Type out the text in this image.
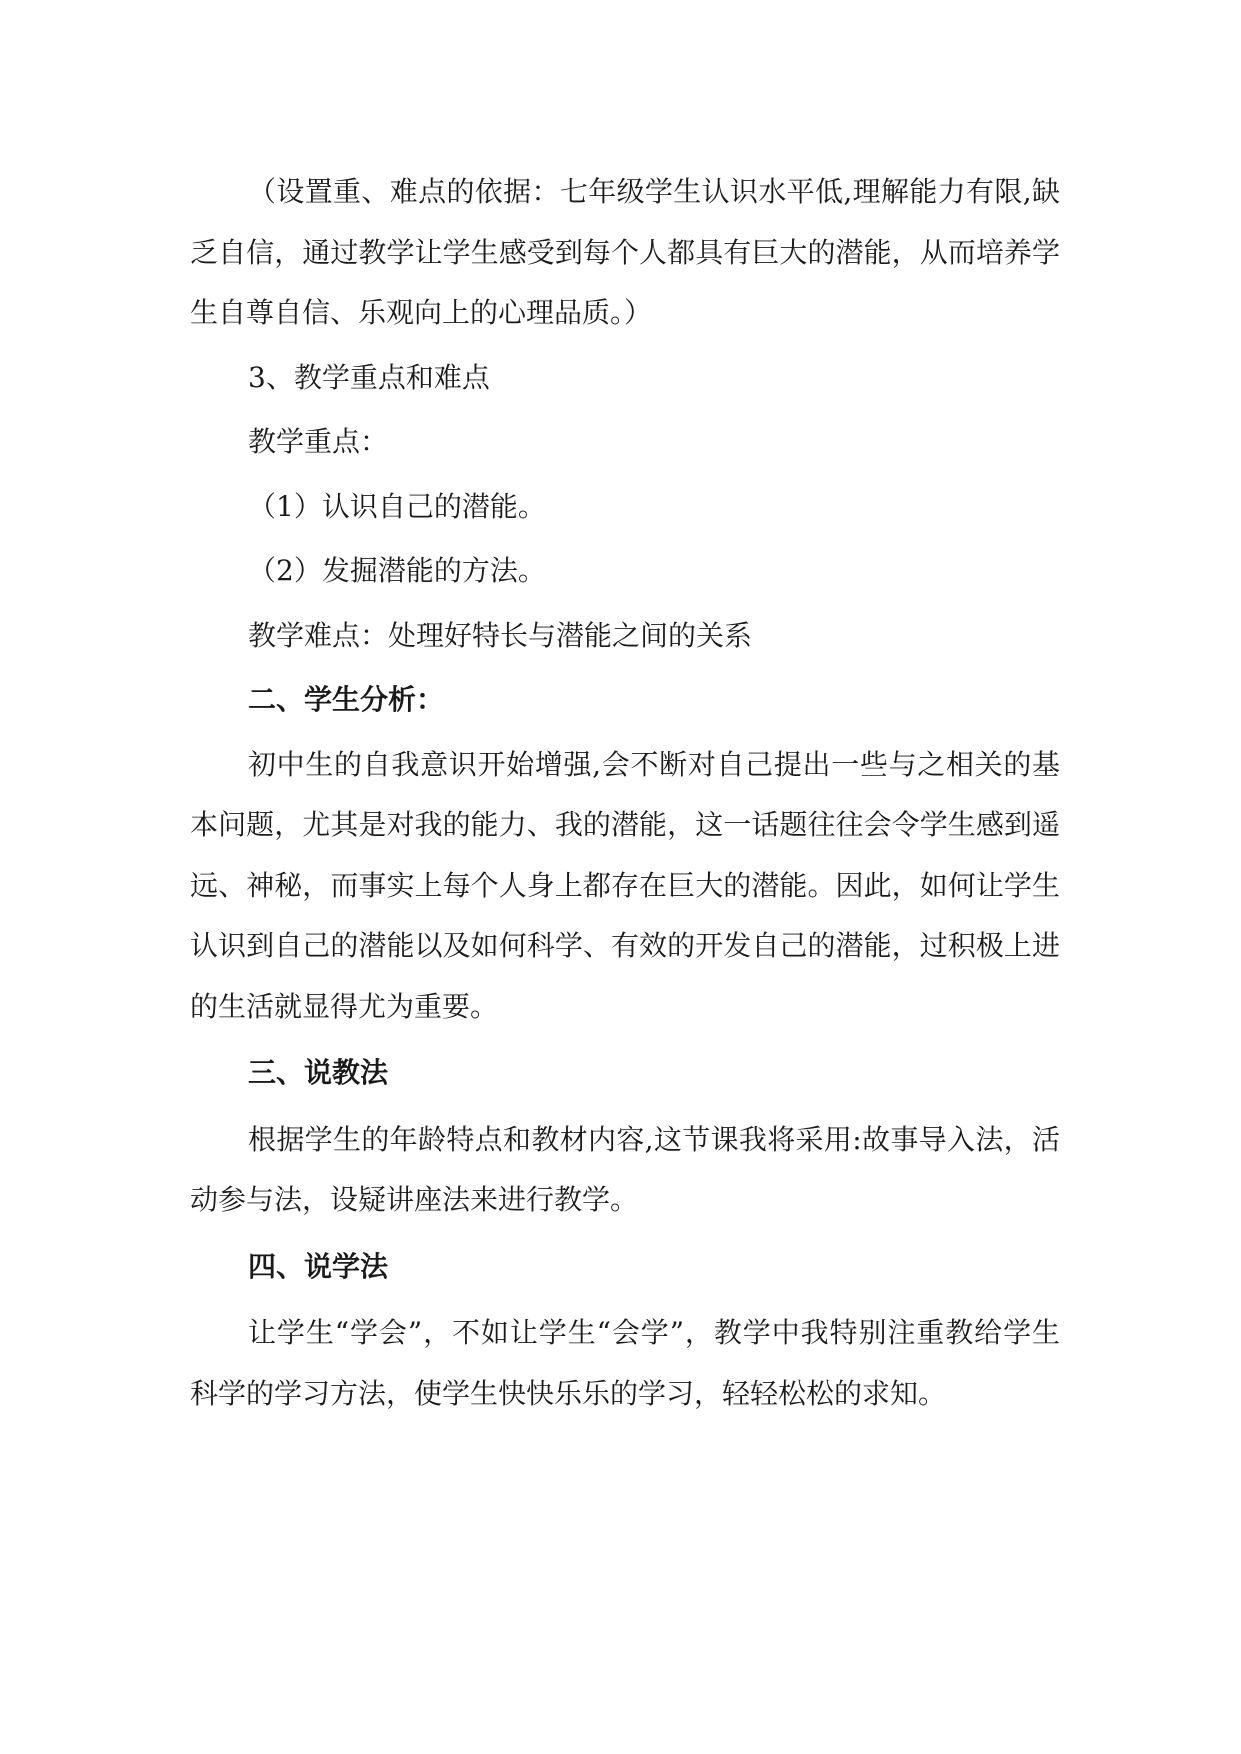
（设置重、难点的依据：七年级学生认识水平低,理解能力有限,缺乏自信，通过教学让学生感受到每个人都具有巨大的潜能，从而培养学生自尊自信、乐观向上的心理品质。）

3、教学重点和难点

教学重点：

（1）认识自己的潜能。

（2）发掘潜能的方法。

教学难点：处理好特长与潜能之间的关系

二、学生分析：

初中生的自我意识开始增强,会不断对自己提出一些与之相关的基本问题，尤其是对我的能力、我的潜能，这一话题往往会令学生感到遥远、神秘，而事实上每个人身上都存在巨大的潜能。因此，如何让学生认识到自己的潜能以及如何科学、有效的开发自己的潜能，过积极上进的生活就显得尤为重要。

三、说教法

根据学生的年龄特点和教材内容,这节课我将采用:故事导入法，活动参与法，设疑讲座法来进行教学。

四、说学法

让学生“学会”，不如让学生“会学”，教学中我特别注重教给学生科学的学习方法，使学生快快乐乐的学习，轻轻松松的求知。
